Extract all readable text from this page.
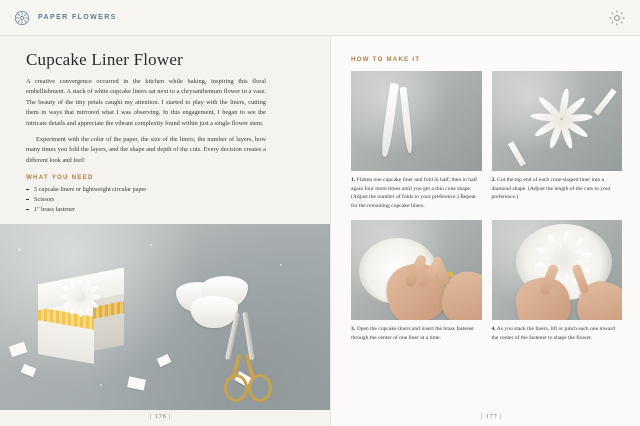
PAPER FLOWERS
Cupcake Liner Flower

A creative convergence occurred in the kitchen while baking, inspiring this floral embellishment. A stack of white cupcake liners sat next to a chrysanthemum flower in a vase. The beauty of the tiny petals caught my attention. I started to play with the liners, cutting them in ways that mirrored what I was observing. In this engagement, I began to see the intricate details and appreciate the vibrant complexity found within just a single flower stem.

Experiment with the color of the paper, the size of the liners, the number of layers, how many times you fold the layers, and the shape and depth of the cuts. Every decision creates a different look and feel!

WHAT YOU NEED
5 cupcake liners or lightweight circular paper
Scissors
1" brass fastener
| 176 |
HOW TO MAKE IT
1. Flatten one cupcake liner and fold in half, then in half again four more times until you get a thin cone shape. (Adjust the number of folds to your preference.) Repeat for the remaining cupcake liners.
2. Cut the top end of each cone-shaped liner into a diamond shape. (Adjust the length of the cuts to your preference.)
3. Open the cupcake liners and insert the brass fastener through the center of one liner at a time.
4. As you stack the liners, lift or pinch each one toward the center of the fastener to shape the flower.
| 177 |
